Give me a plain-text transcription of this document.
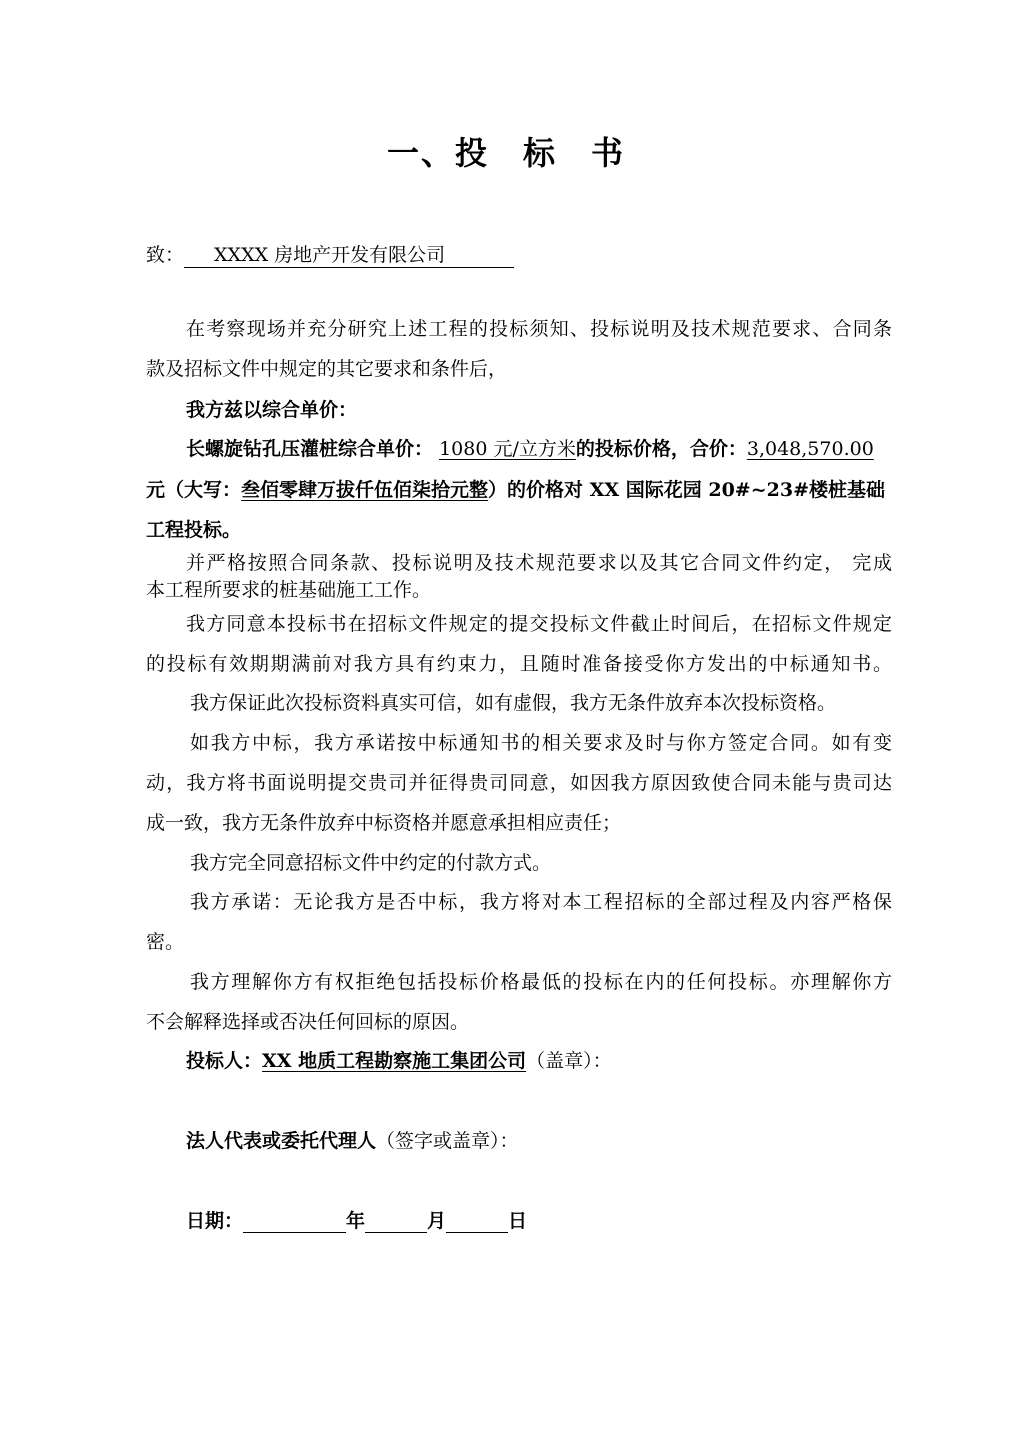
一、投 标 书
致： XXXX 房地产开发有限公司
在考察现场并充分研究上述工程的投标须知、投标说明及技术规范要求、合同条
款及招标文件中规定的其它要求和条件后，
我方兹以综合单价：
长螺旋钻孔压灌桩综合单价： 1080 元/立方米的投标价格，合价：3,048,570.00
元（大写：叁佰零肆万拔仟伍佰柒拾元整）的价格对 XX 国际花园 20#~23#楼桩基础
工程投标。
并严格按照合同条款、投标说明及技术规范要求以及其它合同文件约定， 完成
本工程所要求的桩基础施工工作。
我方同意本投标书在招标文件规定的提交投标文件截止时间后，在招标文件规定
的投标有效期期满前对我方具有约束力，且随时准备接受你方发出的中标通知书。
我方保证此次投标资料真实可信，如有虚假，我方无条件放弃本次投标资格。
如我方中标，我方承诺按中标通知书的相关要求及时与你方签定合同。如有变
动，我方将书面说明提交贵司并征得贵司同意，如因我方原因致使合同未能与贵司达
成一致，我方无条件放弃中标资格并愿意承担相应责任；
我方完全同意招标文件中约定的付款方式。
我方承诺：无论我方是否中标，我方将对本工程招标的全部过程及内容严格保
密。
我方理解你方有权拒绝包括投标价格最低的投标在内的任何投标。亦理解你方
不会解释选择或否决任何回标的原因。
投标人：XX 地质工程勘察施工集团公司（盖章）：
法人代表或委托代理人（签字或盖章）：
日期：	年	月	日
